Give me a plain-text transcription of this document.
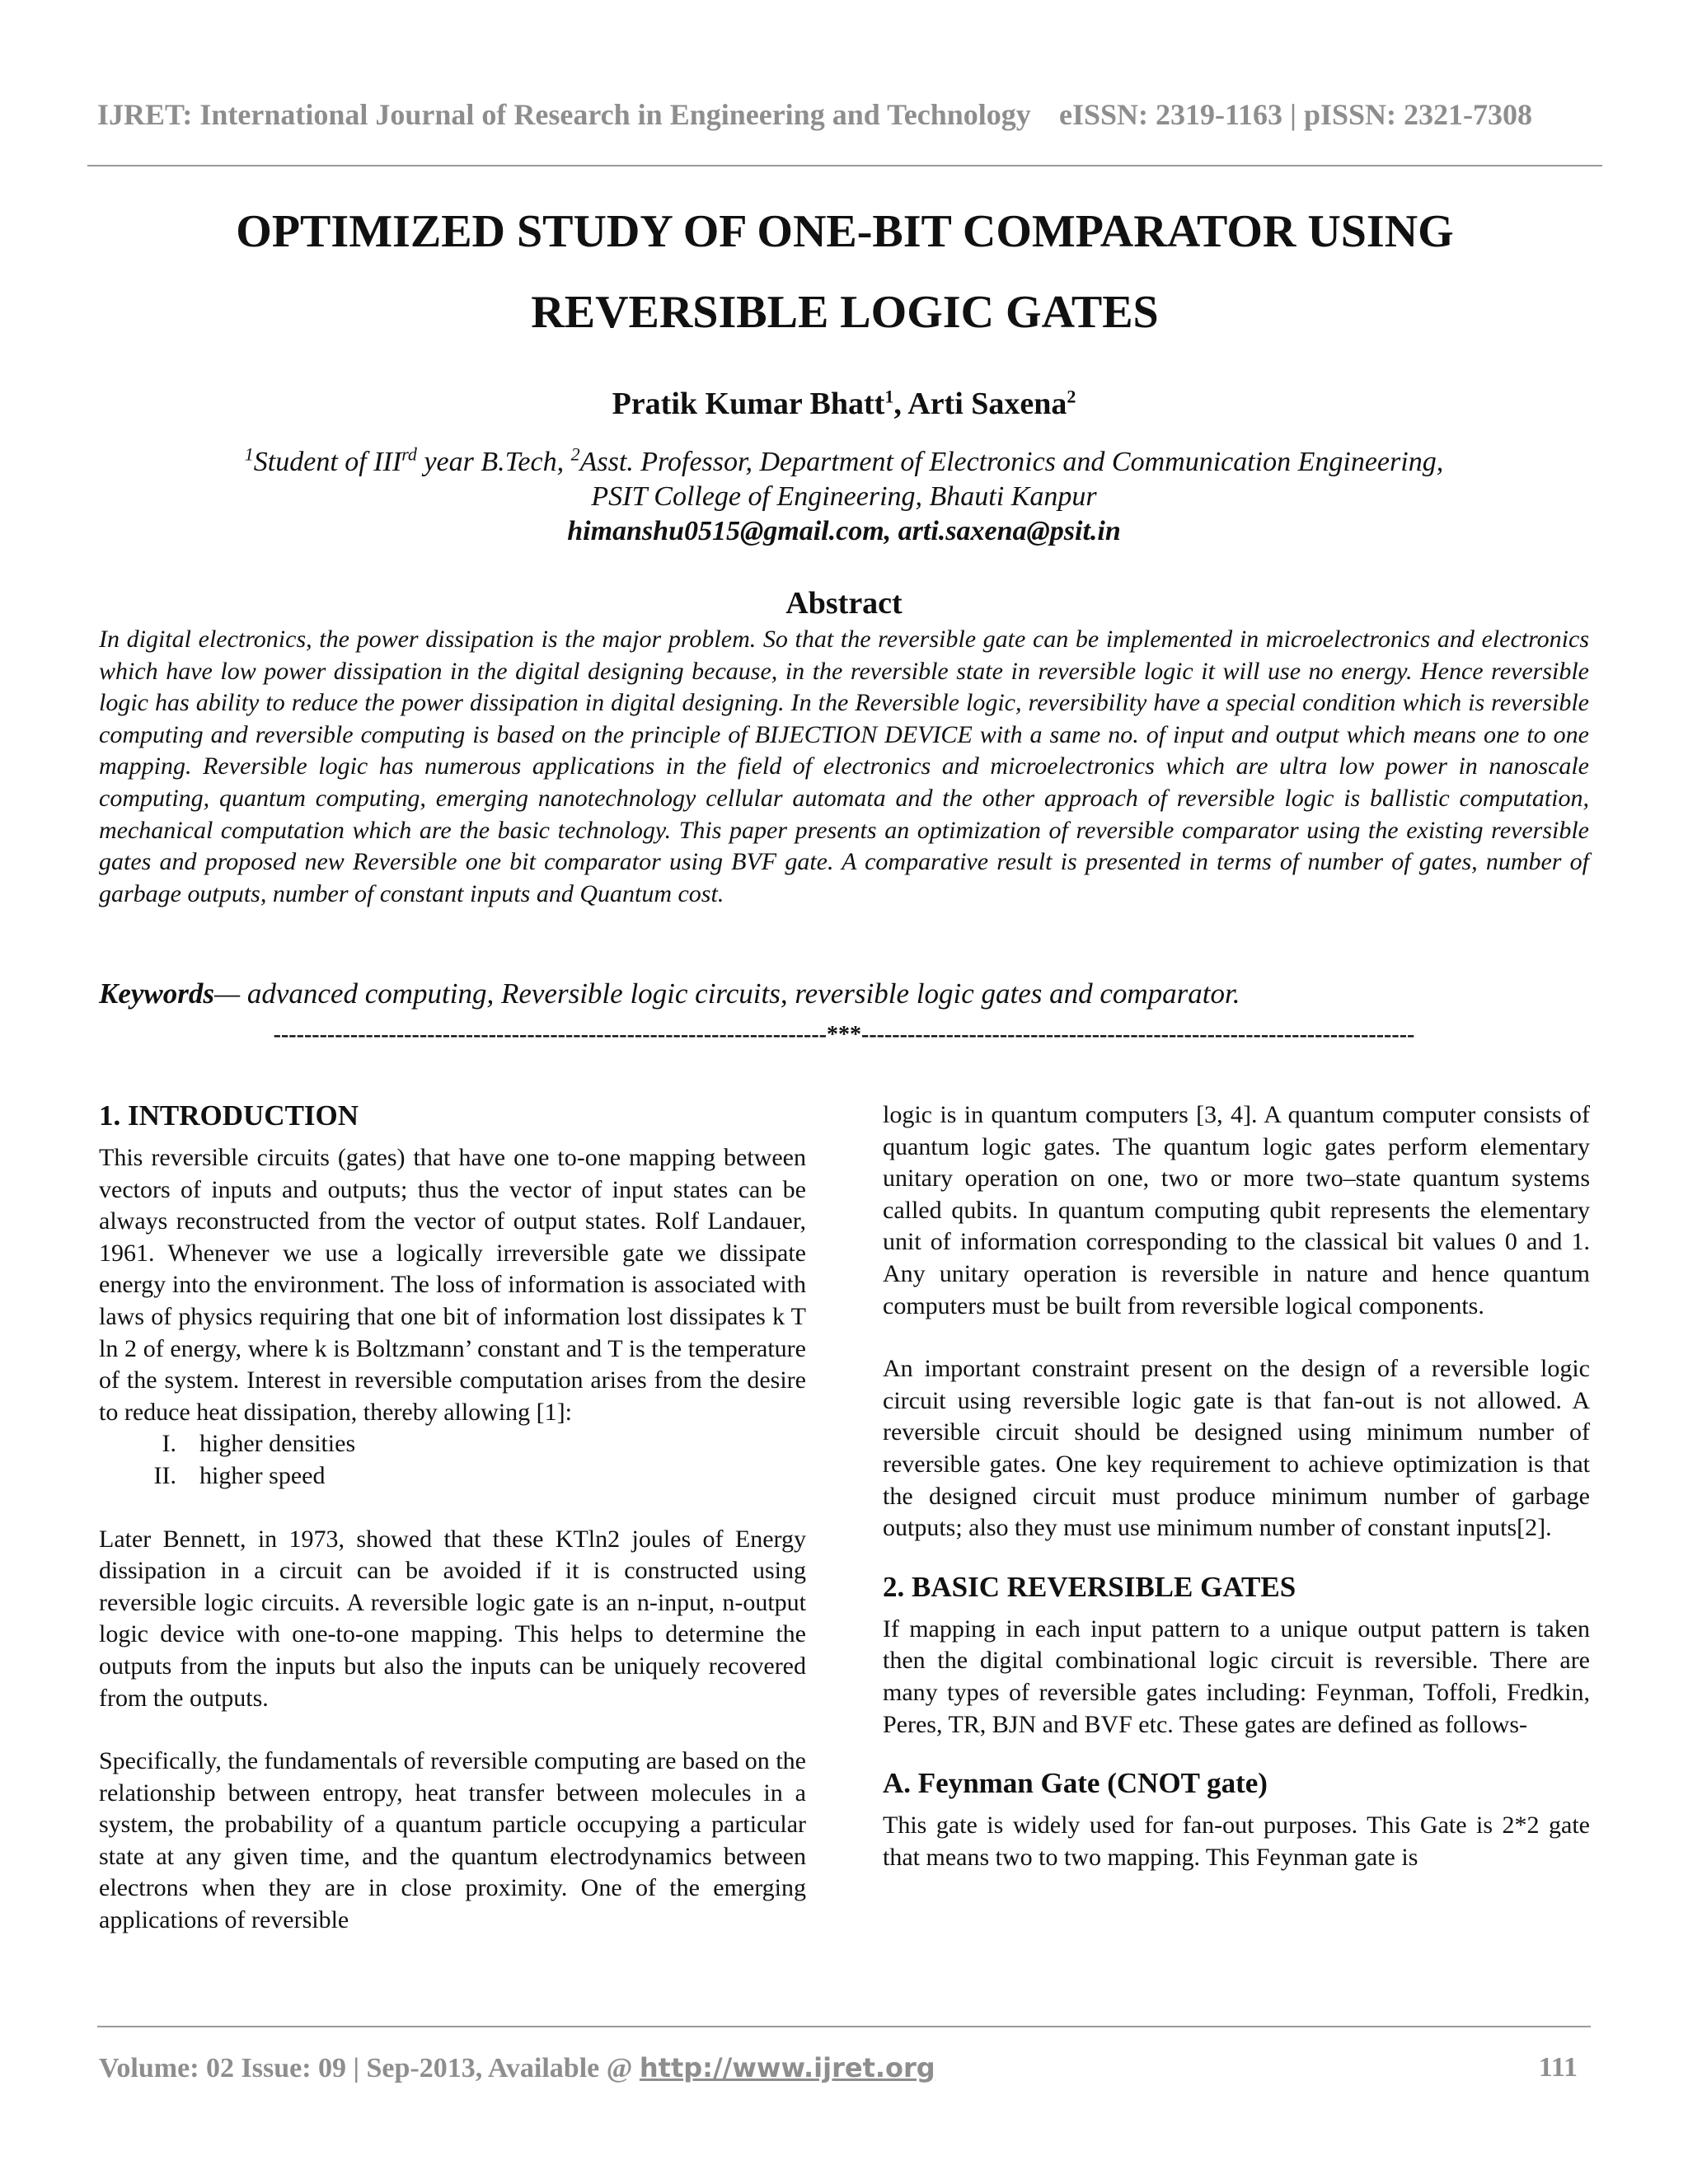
IJRET: International Journal of Research in Engineering and Technology eISSN: 2319-1163 | pISSN: 2321-7308
OPTIMIZED STUDY OF ONE-BIT COMPARATOR USING REVERSIBLE LOGIC GATES
Pratik Kumar Bhatt$^1$, Arti Saxena$^2$
$^1$Student of IIIrd year B.Tech, $^2$Asst. Professor, Department of Electronics and Communication Engineering,
PSIT College of Engineering, Bhauti Kanpur
himanshu0515@gmail.com, arti.saxena@psit.in
Abstract
In digital electronics, the power dissipation is the major problem. So that the reversible gate can be implemented in microelectronics and electronics which have low power dissipation in the digital designing because, in the reversible state in reversible logic it will use no energy. Hence reversible logic has ability to reduce the power dissipation in digital designing. In the Reversible logic, reversibility have a special condition which is reversible computing and reversible computing is based on the principle of BIJECTION DEVICE with a same no. of input and output which means one to one mapping. Reversible logic has numerous applications in the field of electronics and microelectronics which are ultra low power in nanoscale computing, quantum computing, emerging nanotechnology cellular automata and the other approach of reversible logic is ballistic computation, mechanical computation which are the basic technology. This paper presents an optimization of reversible comparator using the existing reversible gates and proposed new Reversible one bit comparator using BVF gate. A comparative result is presented in terms of number of gates, number of garbage outputs, number of constant inputs and Quantum cost.
Keywords— advanced computing, Reversible logic circuits, reversible logic gates and comparator.
------------------------------------------------------------------------***------------------------------------------------------------------------
1. INTRODUCTION

This reversible circuits (gates) that have one to-one mapping between vectors of inputs and outputs; thus the vector of input states can be always reconstructed from the vector of output states. Rolf Landauer, 1961. Whenever we use a logically irreversible gate we dissipate energy into the environment. The loss of information is associated with laws of physics requiring that one bit of information lost dissipates k T ln 2 of energy, where k is Boltzmann’ constant and T is the temperature of the system. Interest in reversible computation arises from the desire to reduce heat dissipation, thereby allowing [1]:

I. higher densities
II. higher speed

Later Bennett, in 1973, showed that these KTln2 joules of Energy dissipation in a circuit can be avoided if it is constructed using reversible logic circuits. A reversible logic gate is an n-input, n-output logic device with one-to-one mapping. This helps to determine the outputs from the inputs but also the inputs can be uniquely recovered from the outputs.

Specifically, the fundamentals of reversible computing are based on the relationship between entropy, heat transfer between molecules in a system, the probability of a quantum particle occupying a particular state at any given time, and the quantum electrodynamics between electrons when they are in close proximity. One of the emerging applications of reversible

logic is in quantum computers [3, 4]. A quantum computer consists of quantum logic gates. The quantum logic gates perform elementary unitary operation on one, two or more two–state quantum systems called qubits. In quantum computing qubit represents the elementary unit of information corresponding to the classical bit values 0 and 1. Any unitary operation is reversible in nature and hence quantum computers must be built from reversible logical components.

An important constraint present on the design of a reversible logic circuit using reversible logic gate is that fan-out is not allowed. A reversible circuit should be designed using minimum number of reversible gates. One key requirement to achieve optimization is that the designed circuit must produce minimum number of garbage outputs; also they must use minimum number of constant inputs[2].

2. BASIC REVERSIBLE GATES

If mapping in each input pattern to a unique output pattern is taken then the digital combinational logic circuit is reversible. There are many types of reversible gates including: Feynman, Toffoli, Fredkin, Peres, TR, BJN and BVF etc. These gates are defined as follows-

A. Feynman Gate (CNOT gate)

This gate is widely used for fan-out purposes. This Gate is 2*2 gate that means two to two mapping. This Feynman gate is

Volume: 02 Issue: 09 | Sep-2013, Available @ http://www.ijret.org	111
